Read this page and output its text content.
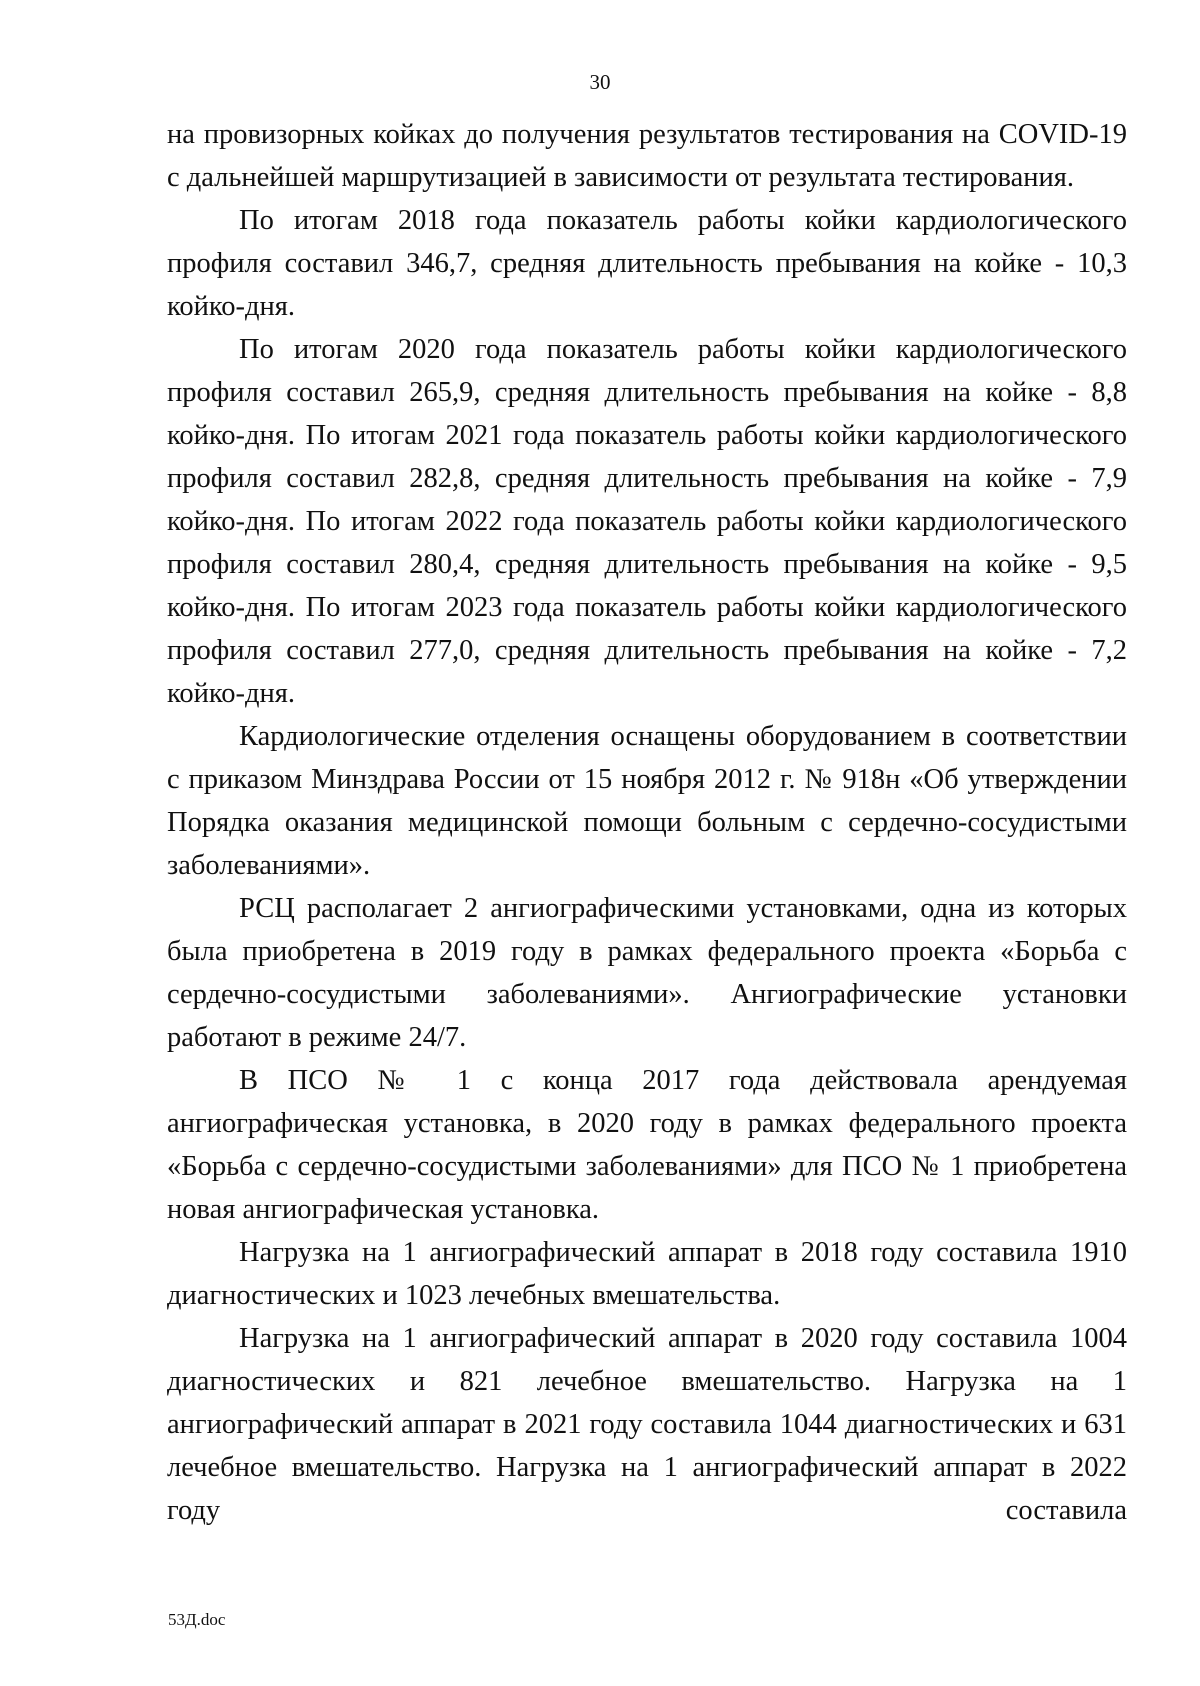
30

на провизорных койках до получения результатов тестирования на COVID-19 с дальнейшей маршрутизацией в зависимости от результата тестирования.

По итогам 2018 года показатель работы койки кардиологического профиля составил 346,7, средняя длительность пребывания на койке - 10,3 койко-дня.

По итогам 2020 года показатель работы койки кардиологического профиля составил 265,9, средняя длительность пребывания на койке - 8,8 койко-дня. По итогам 2021 года показатель работы койки кардиологического профиля составил 282,8, средняя длительность пребывания на койке - 7,9 койко-дня. По итогам 2022 года показатель работы койки кардиологического профиля составил 280,4, средняя длительность пребывания на койке - 9,5 койко-дня. По итогам 2023 года показатель работы койки кардиологического профиля составил 277,0, средняя длительность пребывания на койке - 7,2 койко-дня.

Кардиологические отделения оснащены оборудованием в соответствии с приказом Минздрава России от 15 ноября 2012 г. № 918н «Об утверждении Порядка оказания медицинской помощи больным с сердечно-сосудистыми заболеваниями».

РСЦ располагает 2 ангиографическими установками, одна из которых была приобретена в 2019 году в рамках федерального проекта «Борьба с сердечно-сосудистыми заболеваниями». Ангиографические установки работают в режиме 24/7.

В ПСО № 1 с конца 2017 года действовала арендуемая ангиографическая установка, в 2020 году в рамках федерального проекта «Борьба с сердечно-сосудистыми заболеваниями» для ПСО № 1 приобретена новая ангиографическая установка.

Нагрузка на 1 ангиографический аппарат в 2018 году составила 1910 диагностических и 1023 лечебных вмешательства.

Нагрузка на 1 ангиографический аппарат в 2020 году составила 1004 диагностических и 821 лечебное вмешательство. Нагрузка на 1 ангиографический аппарат в 2021 году составила 1044 диагностических и 631 лечебное вмешательство. Нагрузка на 1 ангиографический аппарат в 2022 году составила

53Д.doc
